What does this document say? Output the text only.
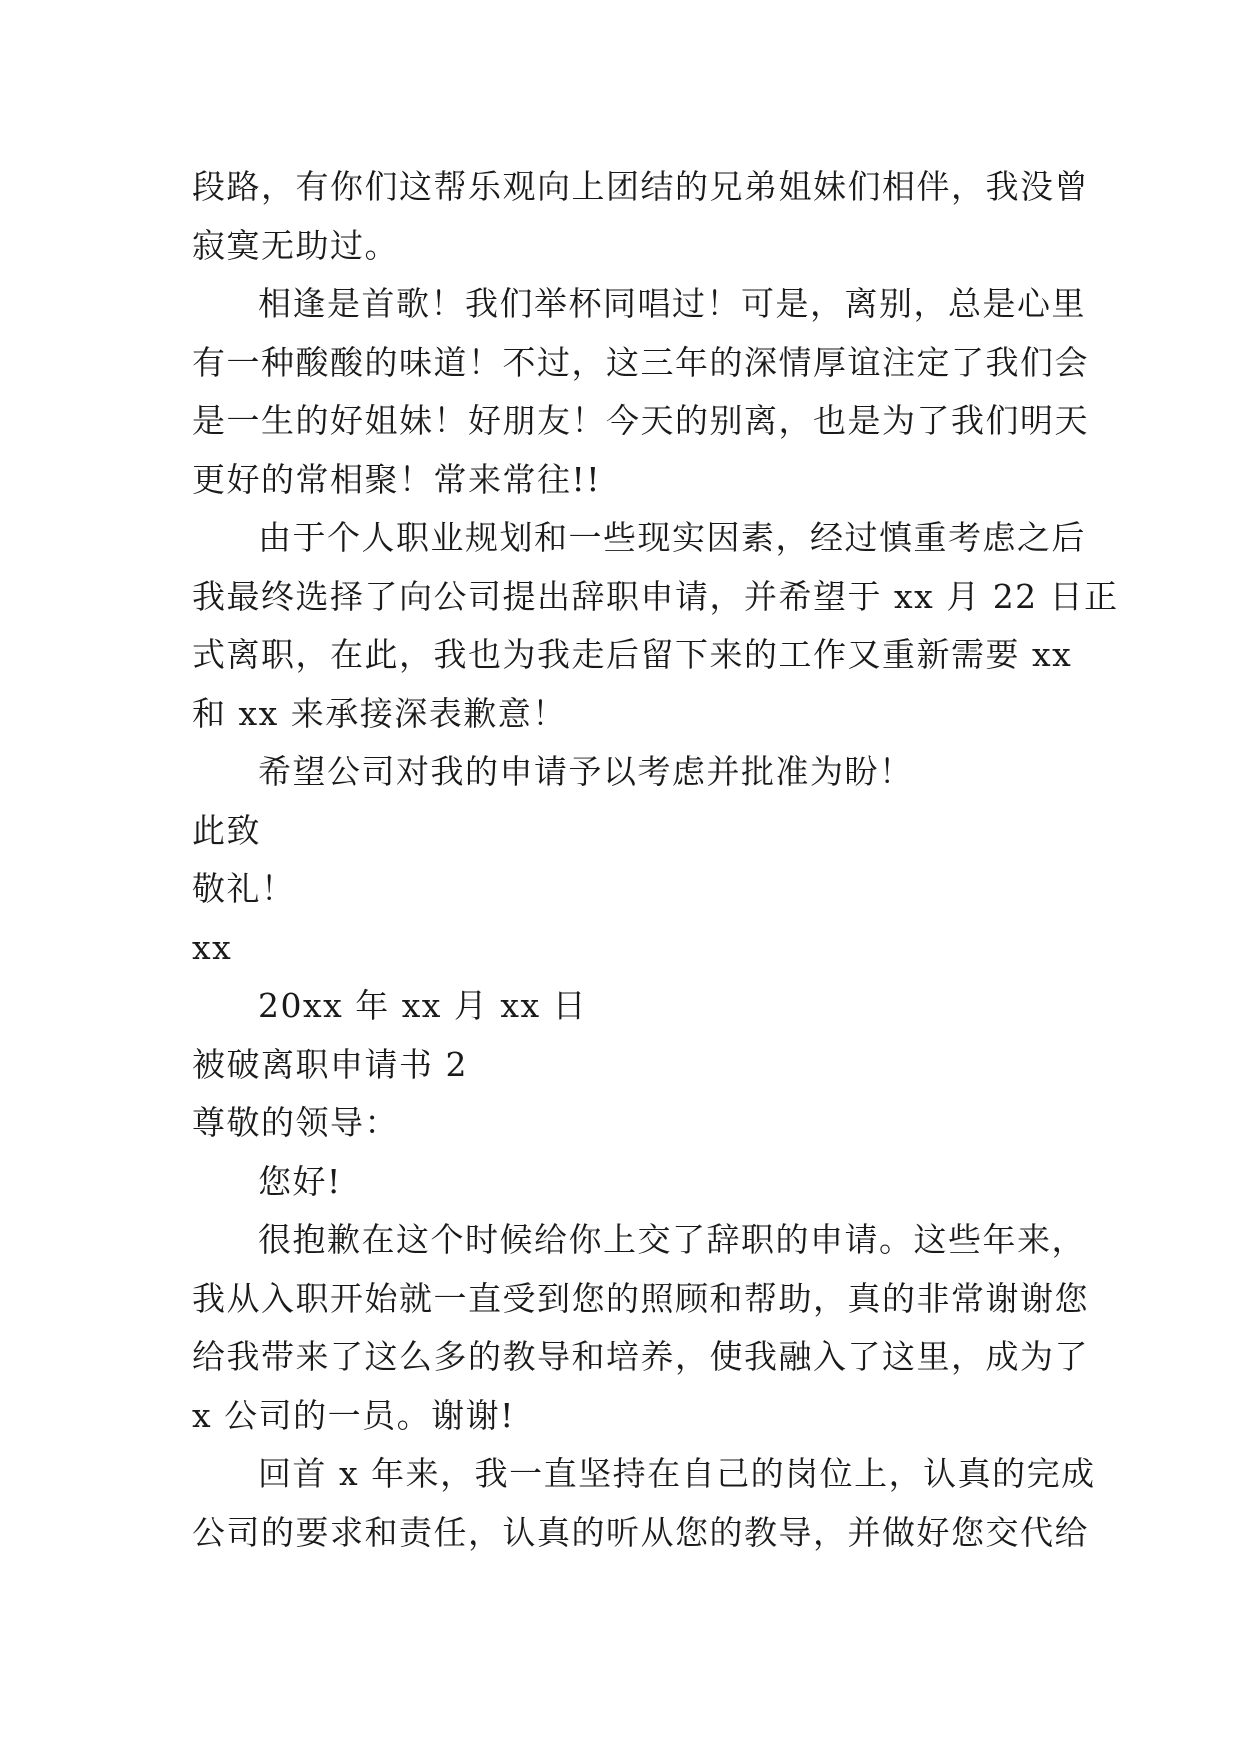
段路，有你们这帮乐观向上团结的兄弟姐妹们相伴，我没曾
寂寞无助过。
相逢是首歌！我们举杯同唱过！可是，离别，总是心里
有一种酸酸的味道！不过，这三年的深情厚谊注定了我们会
是一生的好姐妹！好朋友！今天的别离，也是为了我们明天
更好的常相聚！常来常往!!
由于个人职业规划和一些现实因素，经过慎重考虑之后
我最终选择了向公司提出辞职申请，并希望于 xx 月 22 日正
式离职，在此，我也为我走后留下来的工作又重新需要 xx
和 xx 来承接深表歉意！
希望公司对我的申请予以考虑并批准为盼！
此致
敬礼！
xx
20xx 年 xx 月 xx 日
被破离职申请书 2
尊敬的领导：
您好!
很抱歉在这个时候给你上交了辞职的申请。这些年来，
我从入职开始就一直受到您的照顾和帮助，真的非常谢谢您
给我带来了这么多的教导和培养，使我融入了这里，成为了
x 公司的一员。谢谢!
回首 x 年来，我一直坚持在自己的岗位上，认真的完成
公司的要求和责任，认真的听从您的教导，并做好您交代给
